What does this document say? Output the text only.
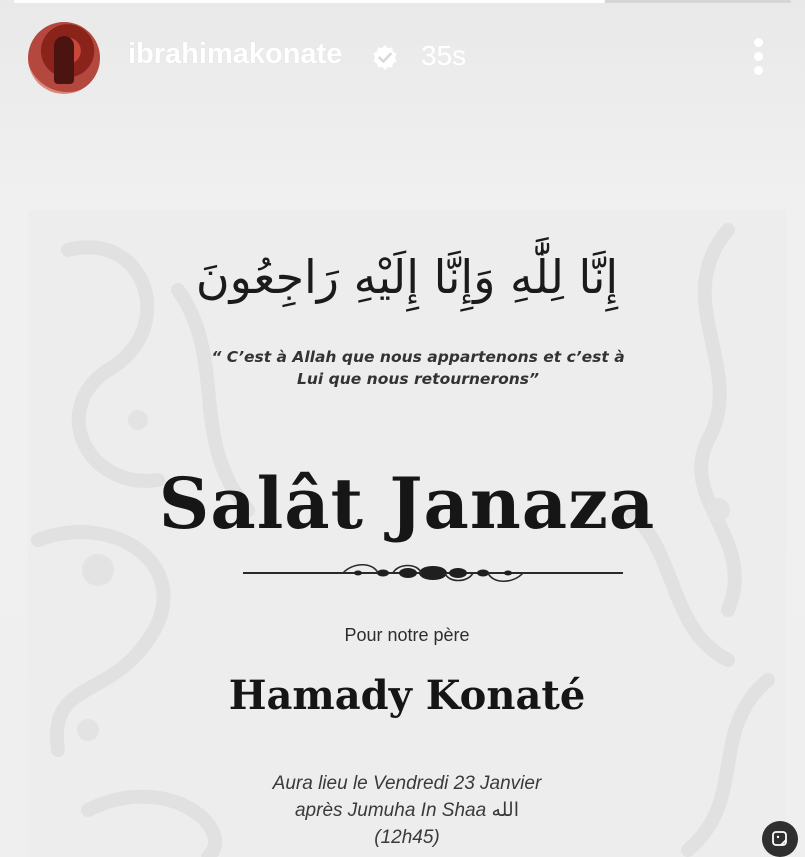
ibrahimakonate	35s
إِنَّا لِلَّٰهِ وَإِنَّا إِلَيْهِ رَاجِعُونَ
“ C’est à Allah que nous appartenons et c’est à
Lui que nous retournerons”
Salât Janaza
Pour notre père
Hamady Konaté
Aura lieu le Vendredi 23 Janvier
après Jumuha In Shaa الله
(12h45)
